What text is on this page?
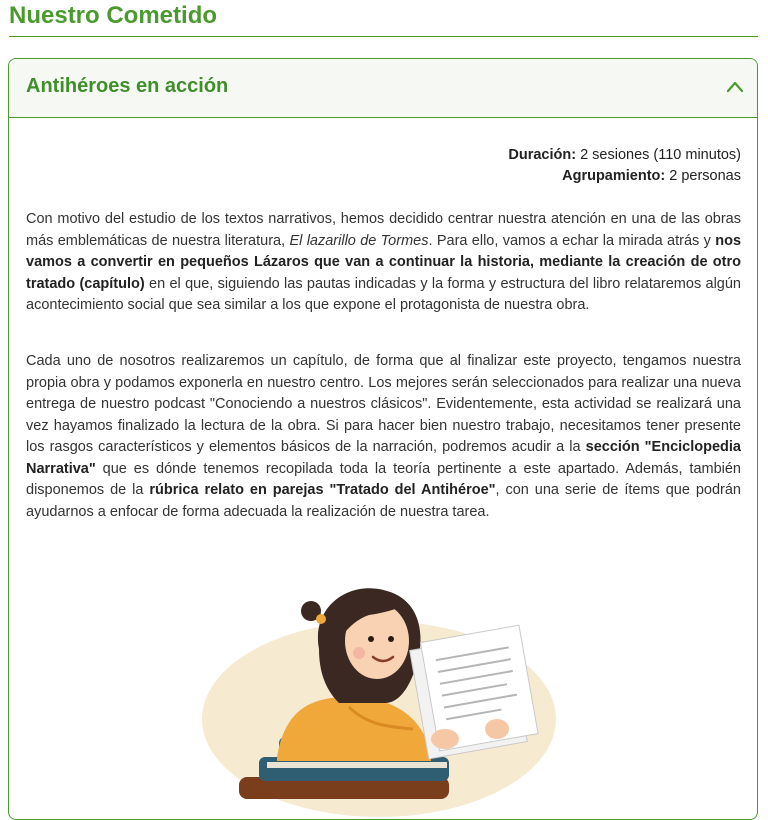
Nuestro Cometido
Antihéroes en acción
Duración: 2 sesiones (110 minutos)
Agrupamiento: 2 personas

Con motivo del estudio de los textos narrativos, hemos decidido centrar nuestra atención en una de las obras más emblemáticas de nuestra literatura, El lazarillo de Tormes. Para ello, vamos a echar la mirada atrás y nos vamos a convertir en pequeños Lázaros que van a continuar la historia, mediante la creación de otro tratado (capítulo) en el que, siguiendo las pautas indicadas y la forma y estructura del libro relataremos algún acontecimiento social que sea similar a los que expone el protagonista de nuestra obra.

Cada uno de nosotros realizaremos un capítulo, de forma que al finalizar este proyecto, tengamos nuestra propia obra y podamos exponerla en nuestro centro. Los mejores serán seleccionados para realizar una nueva entrega de nuestro podcast "Conociendo a nuestros clásicos". Evidentemente, esta actividad se realizará una vez hayamos finalizado la lectura de la obra. Si para hacer bien nuestro trabajo, necesitamos tener presente los rasgos característicos y elementos básicos de la narración, podremos acudir a la sección "Enciclopedia Narrativa" que es dónde tenemos recopilada toda la teoría pertinente a este apartado. Además, también disponemos de la rúbrica relato en parejas "Tratado del Antihéroe", con una serie de ítems que podrán ayudarnos a enfocar de forma adecuada la realización de nuestra tarea.
